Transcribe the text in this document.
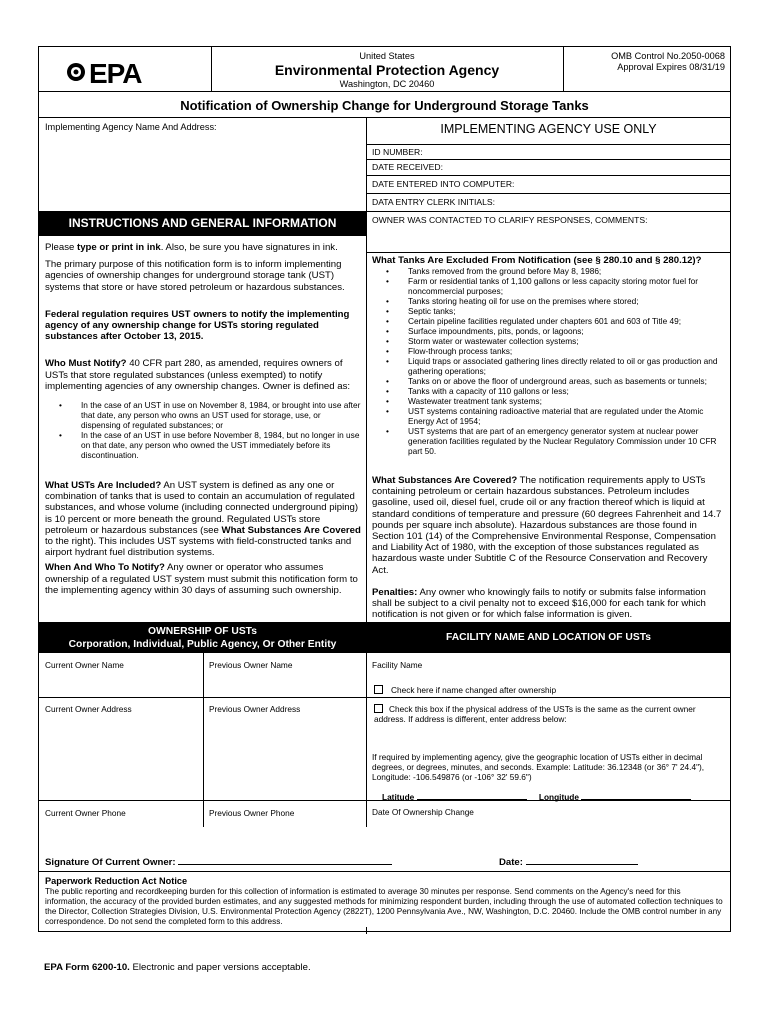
EPA
United States
Environmental Protection Agency
Washington, DC 20460
OMB Control No.2050-0068
Approval Expires 08/31/19
Notification of Ownership Change for Underground Storage Tanks
Implementing Agency Name And Address:	IMPLEMENTING AGENCY USE ONLY
ID NUMBER:
DATE RECEIVED:
DATE ENTERED INTO COMPUTER:
DATA ENTRY CLERK INITIALS:
OWNER WAS CONTACTED TO CLARIFY RESPONSES, COMMENTS:
INSTRUCTIONS AND GENERAL INFORMATION
Please type or print in ink. Also, be sure you have signatures in ink.
The primary purpose of this notification form is to inform implementing agencies of ownership changes for underground storage tank (UST) systems that store or have stored petroleum or hazardous substances.
Federal regulation requires UST owners to notify the implementing agency of any ownership change for USTs storing regulated substances after October 13, 2015.
Who Must Notify? 40 CFR part 280, as amended, requires owners of USTs that store regulated substances (unless exempted) to notify implementing agencies of any ownership changes. Owner is defined as:
• In the case of an UST in use on November 8, 1984, or brought into use after that date, any person who owns an UST used for storage, use, or dispensing of regulated substances; or
• In the case of an UST in use before November 8, 1984, but no longer in use on that date, any person who owned the UST immediately before its discontinuation.
What USTs Are Included? An UST system is defined as any one or combination of tanks that is used to contain an accumulation of regulated substances, and whose volume (including connected underground piping) is 10 percent or more beneath the ground. Regulated USTs store petroleum or hazardous substances (see What Substances Are Covered to the right). This includes UST systems with field-constructed tanks and airport hydrant fuel distribution systems.
When And Who To Notify? Any owner or operator who assumes ownership of a regulated UST system must submit this notification form to the implementing agency within 30 days of assuming such ownership.
What Tanks Are Excluded From Notification (see § 280.10 and § 280.12)?
• Tanks removed from the ground before May 8, 1986;
• Farm or residential tanks of 1,100 gallons or less capacity storing motor fuel for noncommercial purposes;
• Tanks storing heating oil for use on the premises where stored;
• Septic tanks;
• Certain pipeline facilities regulated under chapters 601 and 603 of Title 49;
• Surface impoundments, pits, ponds, or lagoons;
• Storm water or wastewater collection systems;
• Flow-through process tanks;
• Liquid traps or associated gathering lines directly related to oil or gas production and gathering operations;
• Tanks on or above the floor of underground areas, such as basements or tunnels;
• Tanks with a capacity of 110 gallons or less;
• Wastewater treatment tank systems;
• UST systems containing radioactive material that are regulated under the Atomic Energy Act of 1954;
• UST systems that are part of an emergency generator system at nuclear power generation facilities regulated by the Nuclear Regulatory Commission under 10 CFR part 50.
What Substances Are Covered? The notification requirements apply to USTs containing petroleum or certain hazardous substances. Petroleum includes gasoline, used oil, diesel fuel, crude oil or any fraction thereof which is liquid at standard conditions of temperature and pressure (60 degrees Fahrenheit and 14.7 pounds per square inch absolute). Hazardous substances are those found in Section 101 (14) of the Comprehensive Environmental Response, Compensation and Liability Act of 1980, with the exception of those substances regulated as hazardous waste under Subtitle C of the Resource Conservation and Recovery Act.
Penalties: Any owner who knowingly fails to notify or submits false information shall be subject to a civil penalty not to exceed $16,000 for each tank for which notification is not given or for which false information is given.
OWNERSHIP OF USTs
Corporation, Individual, Public Agency, Or Other Entity
FACILITY NAME AND LOCATION OF USTs
Current Owner Name	Previous Owner Name
Current Owner Address	Previous Owner Address
Current Owner Phone	Previous Owner Phone
Facility Name
Check here if name changed after ownership
Check this box if the physical address of the USTs is the same as the current owner address. If address is different, enter address below:
If required by implementing agency, give the geographic location of USTs either in decimal degrees, or degrees, minutes, and seconds. Example: Latitude: 36.12348 (or 36° 7' 24.4"), Longitude: -106.549876 (or -106° 32' 59.6")
Latitude	Longitude
Date Of Ownership Change
Signature Of Current Owner:	Date:
Paperwork Reduction Act Notice
The public reporting and recordkeeping burden for this collection of information is estimated to average 30 minutes per response. Send comments on the Agency's need for this information, the accuracy of the provided burden estimates, and any suggested methods for minimizing respondent burden, including through the use of automated collection techniques to the Director, Collection Strategies Division, U.S. Environmental Protection Agency (2822T), 1200 Pennsylvania Ave., NW, Washington, D.C. 20460. Include the OMB control number in any correspondence. Do not send the completed form to this address.
EPA Form 6200-10. Electronic and paper versions acceptable.
